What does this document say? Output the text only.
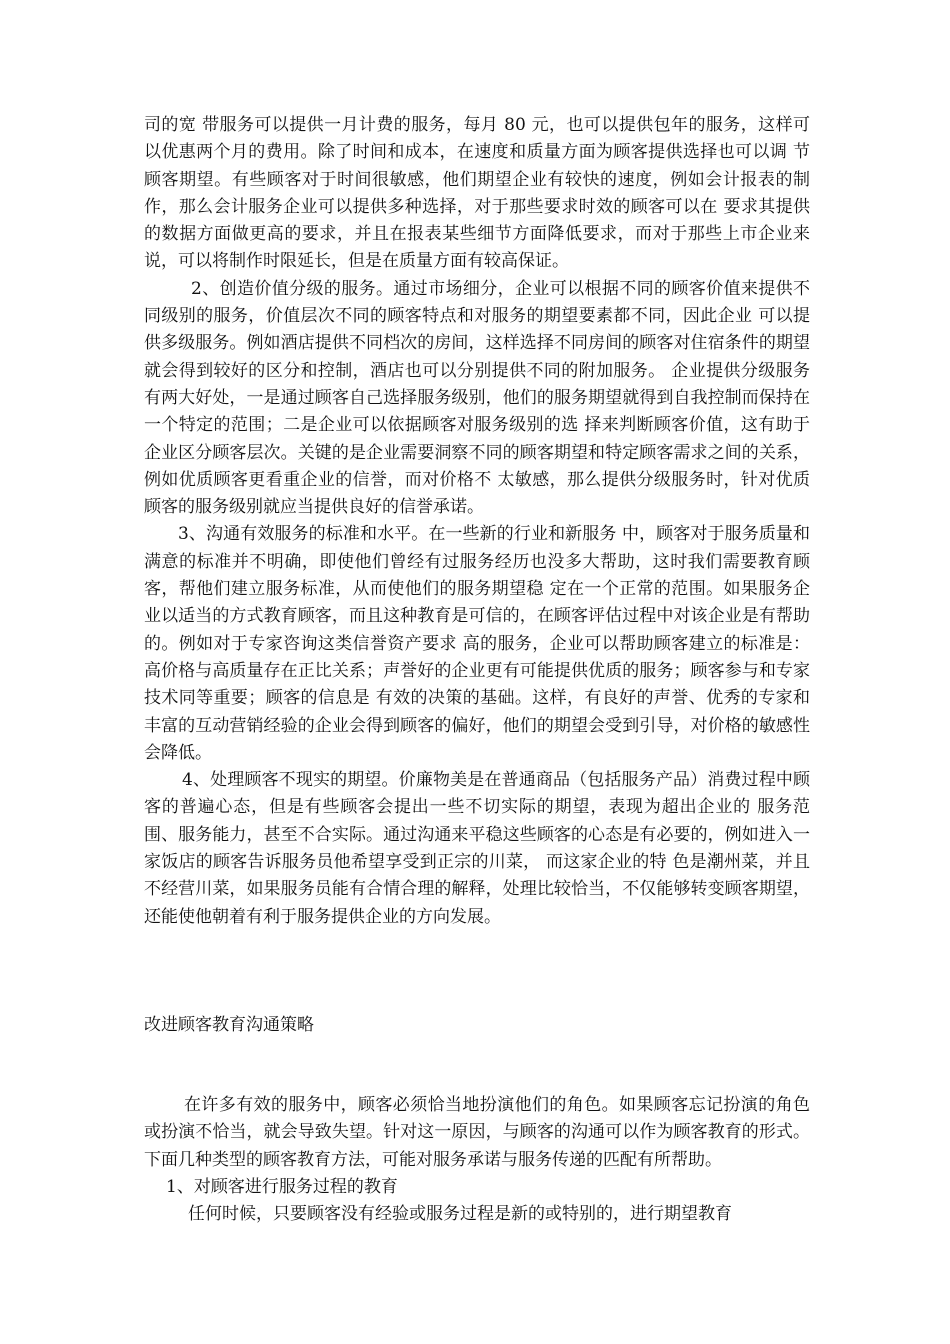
司的宽 带服务可以提供一月计费的服务，每月 80 元，也可以提供包年的服务，这样可以优惠两个月的费用。除了时间和成本，在速度和质量方面为顾客提供选择也可以调 节顾客期望。有些顾客对于时间很敏感，他们期望企业有较快的速度，例如会计报表的制作，那么会计服务企业可以提供多种选择，对于那些要求时效的顾客可以在 要求其提供的数据方面做更高的要求，并且在报表某些细节方面降低要求，而对于那些上市企业来说，可以将制作时限延长，但是在质量方面有较高保证。

2、创造价值分级的服务。通过市场细分，企业可以根据不同的顾客价值来提供不同级别的服务，价值层次不同的顾客特点和对服务的期望要素都不同，因此企业 可以提供多级服务。例如酒店提供不同档次的房间，这样选择不同房间的顾客对住宿条件的期望就会得到较好的区分和控制，酒店也可以分别提供不同的附加服务。 企业提供分级服务有两大好处，一是通过顾客自己选择服务级别，他们的服务期望就得到自我控制而保持在一个特定的范围；二是企业可以依据顾客对服务级别的选 择来判断顾客价值，这有助于企业区分顾客层次。关键的是企业需要洞察不同的顾客期望和特定顾客需求之间的关系，例如优质顾客更看重企业的信誉，而对价格不 太敏感，那么提供分级服务时，针对优质顾客的服务级别就应当提供良好的信誉承诺。

3、沟通有效服务的标准和水平。在一些新的行业和新服务 中，顾客对于服务质量和满意的标准并不明确，即使他们曾经有过服务经历也没多大帮助，这时我们需要教育顾客，帮他们建立服务标准，从而使他们的服务期望稳 定在一个正常的范围。如果服务企业以适当的方式教育顾客，而且这种教育是可信的，在顾客评估过程中对该企业是有帮助的。例如对于专家咨询这类信誉资产要求 高的服务，企业可以帮助顾客建立的标准是：高价格与高质量存在正比关系；声誉好的企业更有可能提供优质的服务；顾客参与和专家技术同等重要；顾客的信息是 有效的决策的基础。这样，有良好的声誉、优秀的专家和丰富的互动营销经验的企业会得到顾客的偏好，他们的期望会受到引导，对价格的敏感性会降低。

4、处理顾客不现实的期望。价廉物美是在普通商品（包括服务产品）消费过程中顾客的普遍心态，但是有些顾客会提出一些不切实际的期望，表现为超出企业的 服务范围、服务能力，甚至不合实际。通过沟通来平稳这些顾客的心态是有必要的，例如进入一家饭店的顾客告诉服务员他希望享受到正宗的川菜， 而这家企业的特 色是潮州菜，并且不经营川菜，如果服务员能有合情合理的解释，处理比较恰当，不仅能够转变顾客期望，还能使他朝着有利于服务提供企业的方向发展。

改进顾客教育沟通策略

在许多有效的服务中，顾客必须恰当地扮演他们的角色。如果顾客忘记扮演的角色或扮演不恰当，就会导致失望。针对这一原因，与顾客的沟通可以作为顾客教育的形式。下面几种类型的顾客教育方法，可能对服务承诺与服务传递的匹配有所帮助。

1、对顾客进行服务过程的教育

任何时候，只要顾客没有经验或服务过程是新的或特别的，进行期望教育
